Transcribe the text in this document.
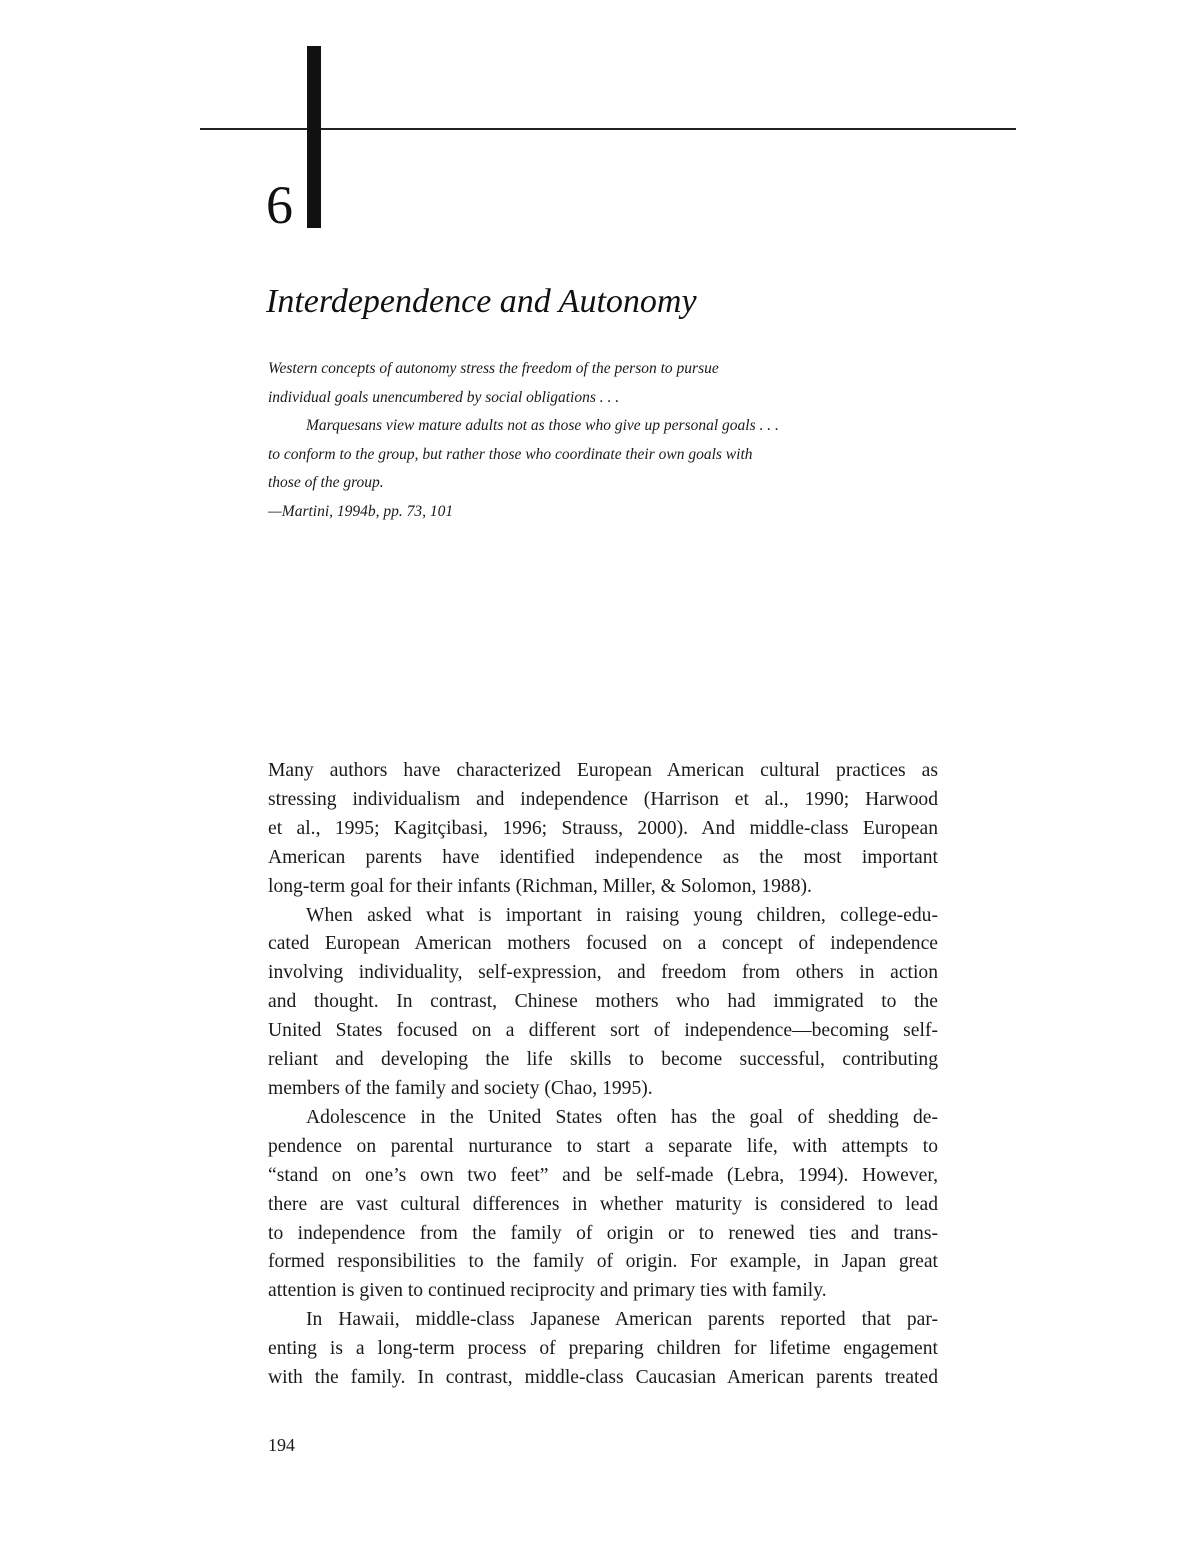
6
Interdependence and Autonomy
Western concepts of autonomy stress the freedom of the person to pursue
individual goals unencumbered by social obligations . . .
Marquesans view mature adults not as those who give up personal goals . . .
to conform to the group, but rather those who coordinate their own goals with
those of the group.
—Martini, 1994b, pp. 73, 101
Many authors have characterized European American cultural practices as
stressing individualism and independence (Harrison et al., 1990; Harwood
et al., 1995; Kagitçibasi, 1996; Strauss, 2000). And middle-class European
American parents have identified independence as the most important
long-term goal for their infants (Richman, Miller, & Solomon, 1988).
When asked what is important in raising young children, college-edu-
cated European American mothers focused on a concept of independence
involving individuality, self-expression, and freedom from others in action
and thought. In contrast, Chinese mothers who had immigrated to the
United States focused on a different sort of independence—becoming self-
reliant and developing the life skills to become successful, contributing
members of the family and society (Chao, 1995).
Adolescence in the United States often has the goal of shedding de-
pendence on parental nurturance to start a separate life, with attempts to
“stand on one’s own two feet” and be self-made (Lebra, 1994). However,
there are vast cultural differences in whether maturity is considered to lead
to independence from the family of origin or to renewed ties and trans-
formed responsibilities to the family of origin. For example, in Japan great
attention is given to continued reciprocity and primary ties with family.
In Hawaii, middle-class Japanese American parents reported that par-
enting is a long-term process of preparing children for lifetime engagement
with the family. In contrast, middle-class Caucasian American parents treated
194
